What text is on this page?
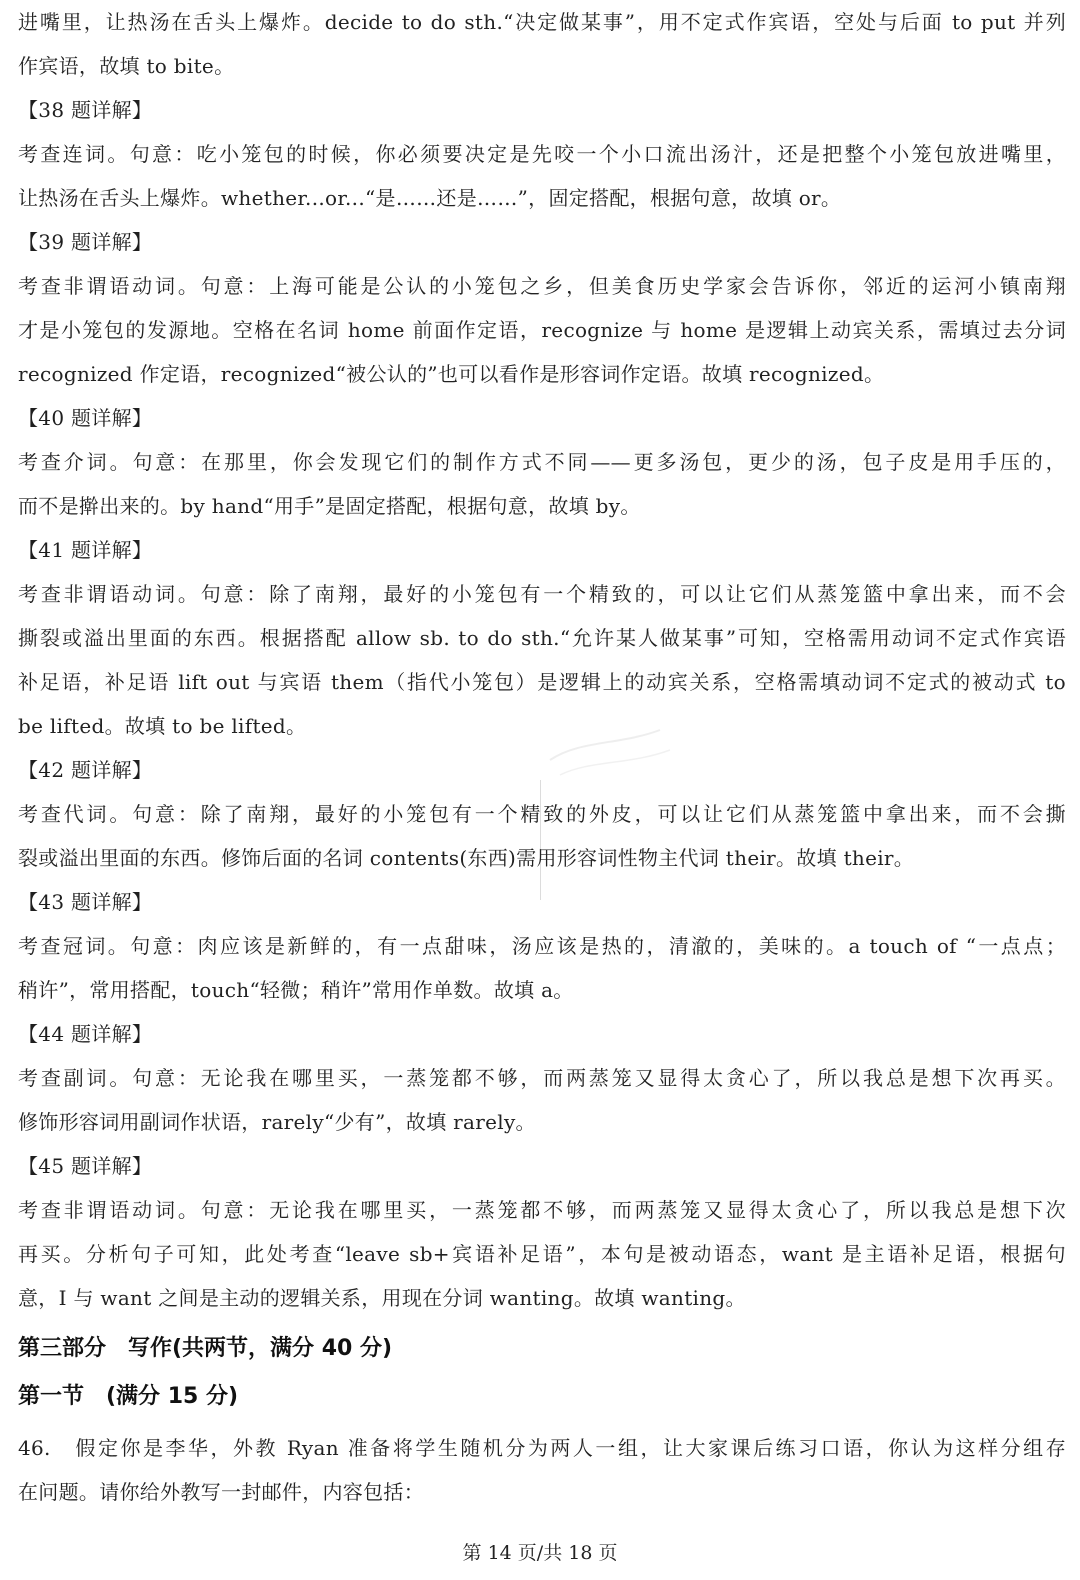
进嘴里，让热汤在舌头上爆炸。decide to do sth.“决定做某事”，用不定式作宾语，空处与后面 to put 并列
作宾语，故填 to bite。
【38 题详解】
考查连词。句意：吃小笼包的时候，你必须要决定是先咬一个小口流出汤汁，还是把整个小笼包放进嘴里，
让热汤在舌头上爆炸。whether...or...“是……还是……”，固定搭配，根据句意，故填 or。
【39 题详解】
考查非谓语动词。句意：上海可能是公认的小笼包之乡，但美食历史学家会告诉你，邻近的运河小镇南翔
才是小笼包的发源地。空格在名词 home 前面作定语，recognize 与 home 是逻辑上动宾关系，需填过去分词
recognized 作定语，recognized“被公认的”也可以看作是形容词作定语。故填 recognized。
【40 题详解】
考查介词。句意：在那里，你会发现它们的制作方式不同——更多汤包，更少的汤，包子皮是用手压的，
而不是擀出来的。by hand“用手”是固定搭配，根据句意，故填 by。
【41 题详解】
考查非谓语动词。句意：除了南翔，最好的小笼包有一个精致的，可以让它们从蒸笼篮中拿出来，而不会
撕裂或溢出里面的东西。根据搭配 allow sb. to do sth.“允许某人做某事”可知，空格需用动词不定式作宾语
补足语，补足语 lift out 与宾语 them（指代小笼包）是逻辑上的动宾关系，空格需填动词不定式的被动式 to
be lifted。故填 to be lifted。
【42 题详解】
考查代词。句意：除了南翔，最好的小笼包有一个精致的外皮，可以让它们从蒸笼篮中拿出来，而不会撕
裂或溢出里面的东西。修饰后面的名词 contents(东西)需用形容词性物主代词 their。故填 their。
【43 题详解】
考查冠词。句意：肉应该是新鲜的，有一点甜味，汤应该是热的，清澈的，美味的。a touch of “一点点；
稍许”，常用搭配，touch“轻微；稍许”常用作单数。故填 a。
【44 题详解】
考查副词。句意：无论我在哪里买，一蒸笼都不够，而两蒸笼又显得太贪心了，所以我总是想下次再买。
修饰形容词用副词作状语，rarely“少有”，故填 rarely。
【45 题详解】
考查非谓语动词。句意：无论我在哪里买，一蒸笼都不够，而两蒸笼又显得太贪心了，所以我总是想下次
再买。分析句子可知，此处考查“leave sb+宾语补足语”，本句是被动语态，want 是主语补足语，根据句
意，I 与 want 之间是主动的逻辑关系，用现在分词 wanting。故填 wanting。
第三部分　写作(共两节，满分 40 分)
第一节　(满分 15 分)
46.　假定你是李华，外教 Ryan 准备将学生随机分为两人一组，让大家课后练习口语，你认为这样分组存
在问题。请你给外教写一封邮件，内容包括：
第 14 页/共 18 页
